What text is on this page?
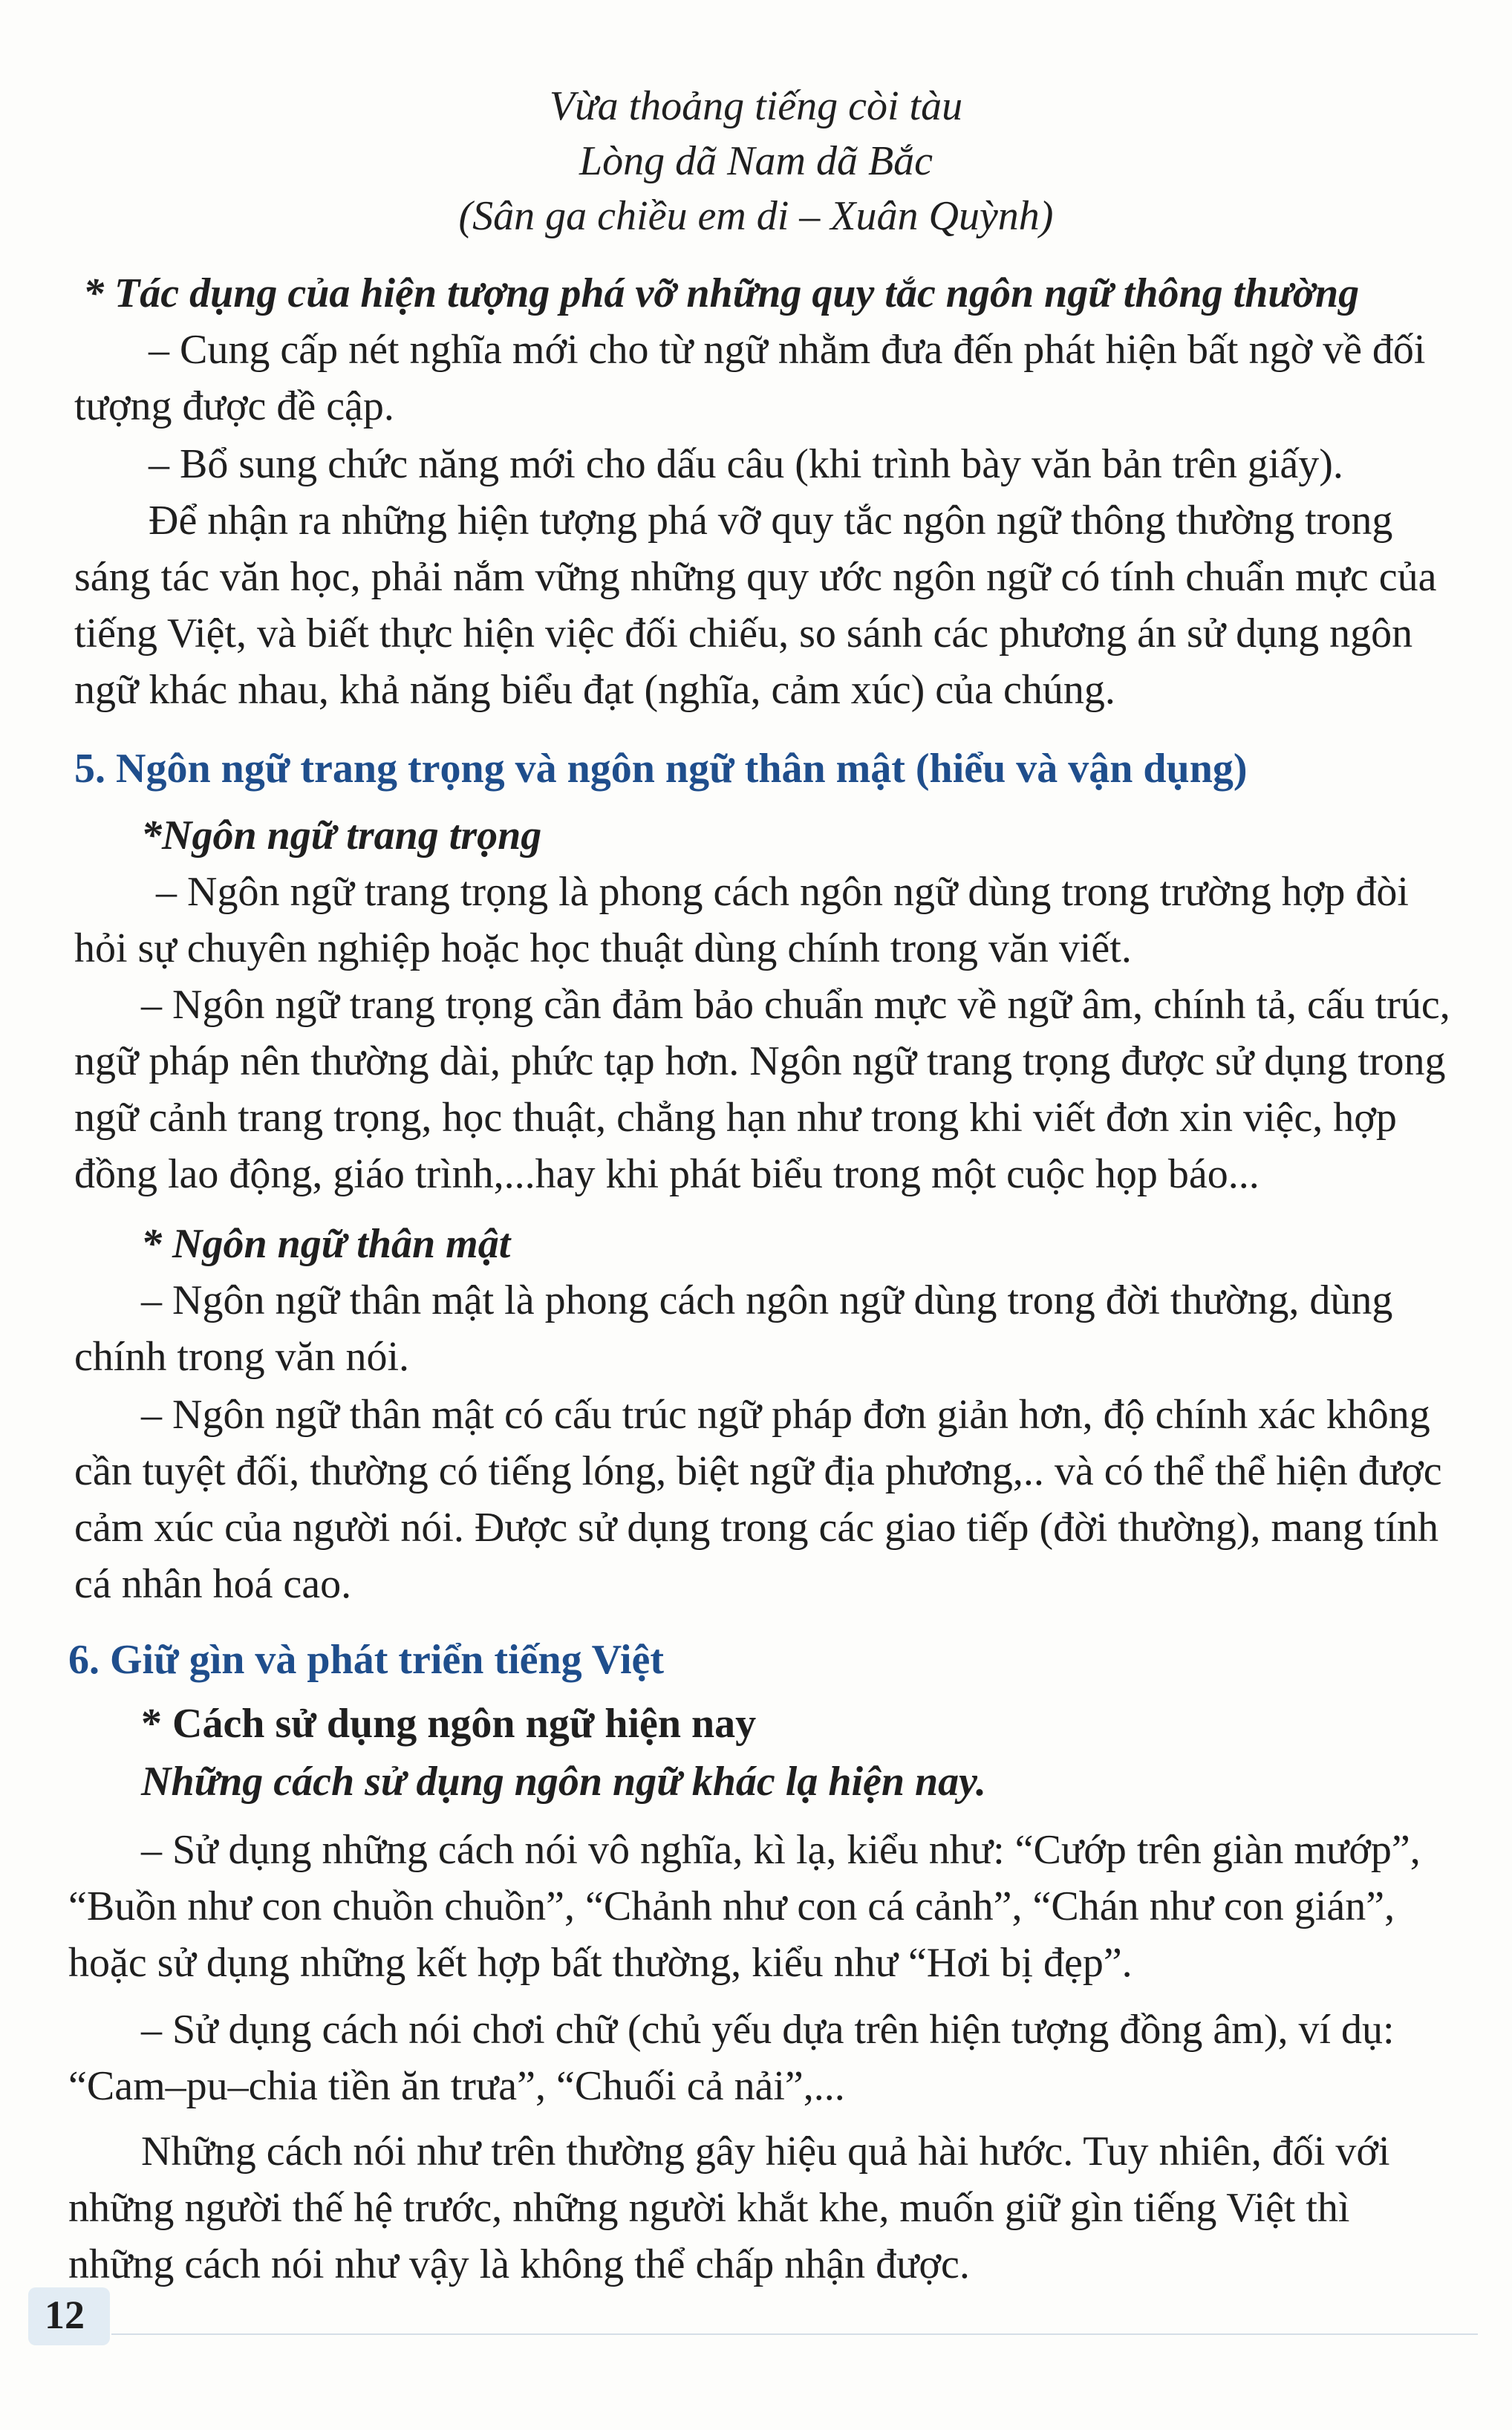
Vừa thoảng tiếng còi tàu
Lòng dã Nam dã Bắc
(Sân ga chiều em di – Xuân Quỳnh)
* Tác dụng của hiện tượng phá vỡ những quy tắc ngôn ngữ thông thường
– Cung cấp nét nghĩa mới cho từ ngữ nhằm đưa đến phát hiện bất ngờ về đối
tượng được đề cập.
– Bổ sung chức năng mới cho dấu câu (khi trình bày văn bản trên giấy).
Để nhận ra những hiện tượng phá vỡ quy tắc ngôn ngữ thông thường trong
sáng tác văn học, phải nắm vững những quy ước ngôn ngữ có tính chuẩn mực của
tiếng Việt, và biết thực hiện việc đối chiếu, so sánh các phương án sử dụng ngôn
ngữ khác nhau, khả năng biểu đạt (nghĩa, cảm xúc) của chúng.
5. Ngôn ngữ trang trọng và ngôn ngữ thân mật (hiểu và vận dụng)
*Ngôn ngữ trang trọng
– Ngôn ngữ trang trọng là phong cách ngôn ngữ dùng trong trường hợp đòi
hỏi sự chuyên nghiệp hoặc học thuật dùng chính trong văn viết.
– Ngôn ngữ trang trọng cần đảm bảo chuẩn mực về ngữ âm, chính tả, cấu trúc,
ngữ pháp nên thường dài, phức tạp hơn. Ngôn ngữ trang trọng được sử dụng trong
ngữ cảnh trang trọng, học thuật, chẳng hạn như trong khi viết đơn xin việc, hợp
đồng lao động, giáo trình,...hay khi phát biểu trong một cuộc họp báo...
* Ngôn ngữ thân mật
– Ngôn ngữ thân mật là phong cách ngôn ngữ dùng trong đời thường, dùng
chính trong văn nói.
– Ngôn ngữ thân mật có cấu trúc ngữ pháp đơn giản hơn, độ chính xác không
cần tuyệt đối, thường có tiếng lóng, biệt ngữ địa phương,.. và có thể thể hiện được
cảm xúc của người nói. Được sử dụng trong các giao tiếp (đời thường), mang tính
cá nhân hoá cao.
6. Giữ gìn và phát triển tiếng Việt
* Cách sử dụng ngôn ngữ hiện nay
Những cách sử dụng ngôn ngữ khác lạ hiện nay.
– Sử dụng những cách nói vô nghĩa, kì lạ, kiểu như: “Cướp trên giàn mướp”,
“Buồn như con chuồn chuồn”, “Chảnh như con cá cảnh”, “Chán như con gián”,
hoặc sử dụng những kết hợp bất thường, kiểu như “Hơi bị đẹp”.
– Sử dụng cách nói chơi chữ (chủ yếu dựa trên hiện tượng đồng âm), ví dụ:
“Cam–pu–chia tiền ăn trưa”, “Chuối cả nải”,...
Những cách nói như trên thường gây hiệu quả hài hước. Tuy nhiên, đối với
những người thế hệ trước, những người khắt khe, muốn giữ gìn tiếng Việt thì
những cách nói như vậy là không thể chấp nhận được.
12
